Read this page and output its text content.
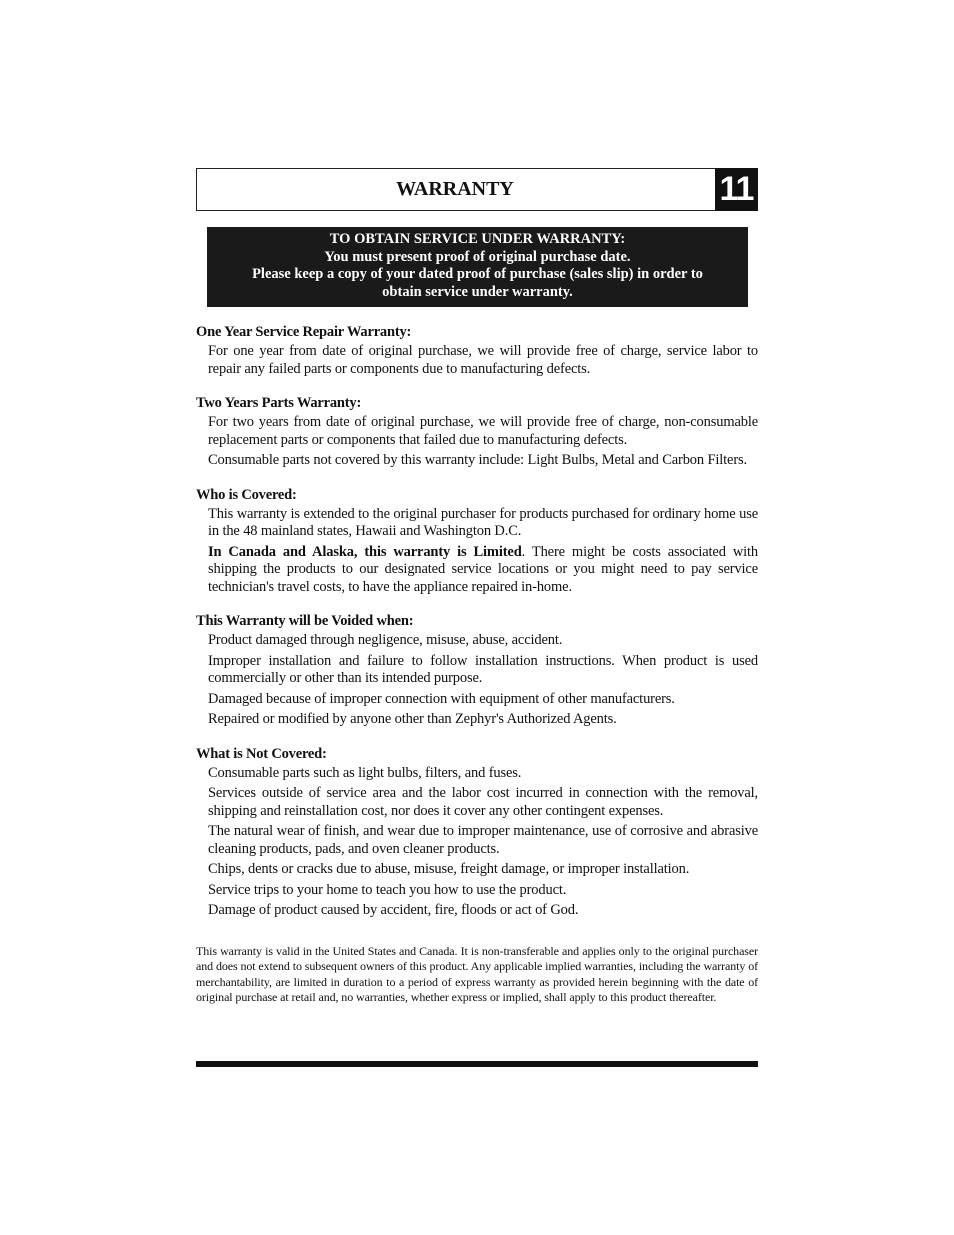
WARRANTY	11
TO OBTAIN SERVICE UNDER WARRANTY:
You must present proof of original purchase date.
Please keep a copy of your dated proof of purchase (sales slip) in order to
obtain service under warranty.
One Year Service Repair Warranty:
For one year from date of original purchase, we will provide free of charge, service labor to repair any failed parts or components due to manufacturing defects.
Two Years Parts Warranty:
For two years from date of original purchase, we will provide free of charge, non-consumable replacement parts or components that failed due to manufacturing defects.
Consumable parts not covered by this warranty include: Light Bulbs, Metal and Carbon Filters.
Who is Covered:
This warranty is extended to the original purchaser for products purchased for ordinary home use in the 48 mainland states, Hawaii and Washington D.C.
In Canada and Alaska, this warranty is Limited. There might be costs associated with shipping the products to our designated service locations or you might need to pay service technician's travel costs, to have the appliance repaired in-home.
This Warranty will be Voided when:
Product damaged through negligence, misuse, abuse, accident.
Improper installation and failure to follow installation instructions. When product is used commercially or other than its intended purpose.
Damaged because of improper connection with equipment of other manufacturers.
Repaired or modified by anyone other than Zephyr's Authorized Agents.
What is Not Covered:
Consumable parts such as light bulbs, filters, and fuses.
Services outside of service area and the labor cost incurred in connection with the removal, shipping and reinstallation cost, nor does it cover any other contingent expenses.
The natural wear of finish, and wear due to improper maintenance, use of corrosive and abrasive cleaning products, pads, and oven cleaner products.
Chips, dents or cracks due to abuse, misuse, freight damage, or improper installation.
Service trips to your home to teach you how to use the product.
Damage of product caused by accident, fire, floods or act of God.
This warranty is valid in the United States and Canada. It is non-transferable and applies only to the original purchaser and does not extend to subsequent owners of this product. Any applicable implied warranties, including the warranty of merchantability, are limited in duration to a period of express warranty as provided herein beginning with the date of original purchase at retail and, no warranties, whether express or implied, shall apply to this product thereafter.
